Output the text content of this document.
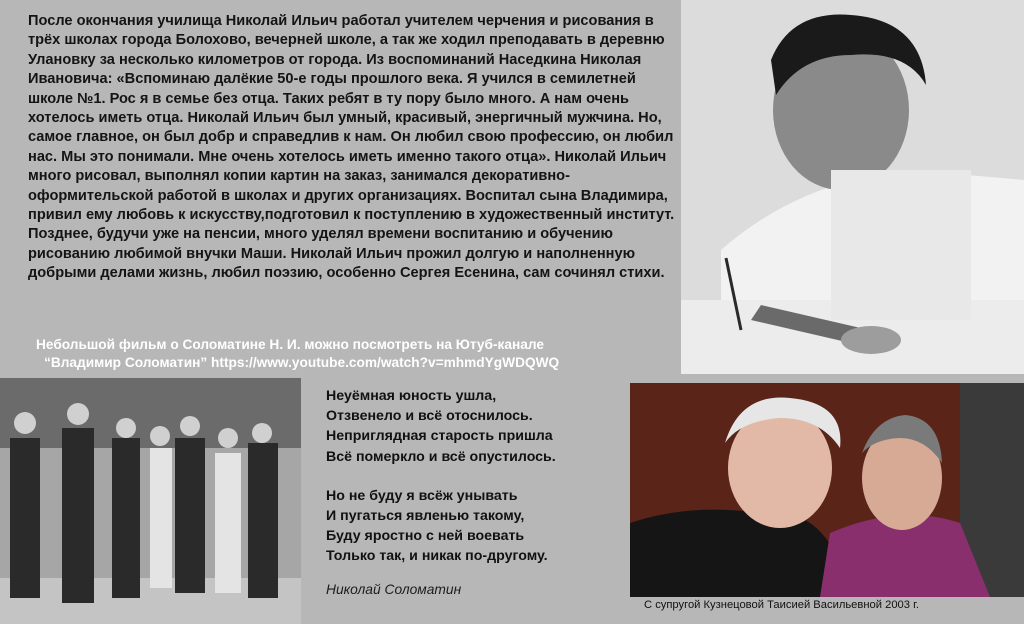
После окончания училища Николай Ильич работал учителем черчения и рисования в трёх школах города Болохово, вечерней школе, а так же ходил преподавать в деревню Улановку за несколько километров от города. Из воспоминаний Наседкина Николая Ивановича: «Вспоминаю далёкие 50-е годы прошлого века. Я учился в семилетней школе №1. Рос я в семье без отца. Таких ребят в ту пору было много. А нам очень хотелось иметь отца. Николай Ильич был умный, красивый, энергичный мужчина. Но, самое главное, он был добр и справедлив к нам. Он любил свою профессию, он любил нас. Мы это понимали. Мне очень хотелось иметь именно такого отца». Николай Ильич много рисовал, выполнял копии картин на заказ, занимался декоративно-оформительской работой в школах и других организациях. Воспитал сына Владимира, привил ему любовь к искусству,подготовил к поступлению в художественный институт. Позднее, будучи уже на пенсии, много уделял времени воспитанию и обучению рисованию любимой внучки Маши. Николай Ильич прожил долгую и наполненную добрыми делами жизнь, любил поэзию, особенно Сергея Есенина, сам сочинял стихи.

Небольшой фильм о Соломатине Н. И. можно посмотреть на Ютуб-канале
“Владимир Соломатин” https://www.youtube.com/watch?v=mhmdYgWDQWQ

Неуёмная юность ушла,
Отзвенело и всё отоснилось.
Неприглядная старость пришла
Всё померкло и всё опустилось.
Но не буду я всёж унывать
И пугаться явленью такому,
Буду яростно с ней воевать
Только так, и никак по-другому.
Николай Соломатин
С супругой Кузнецовой Таисией Васильевной 2003 г.
